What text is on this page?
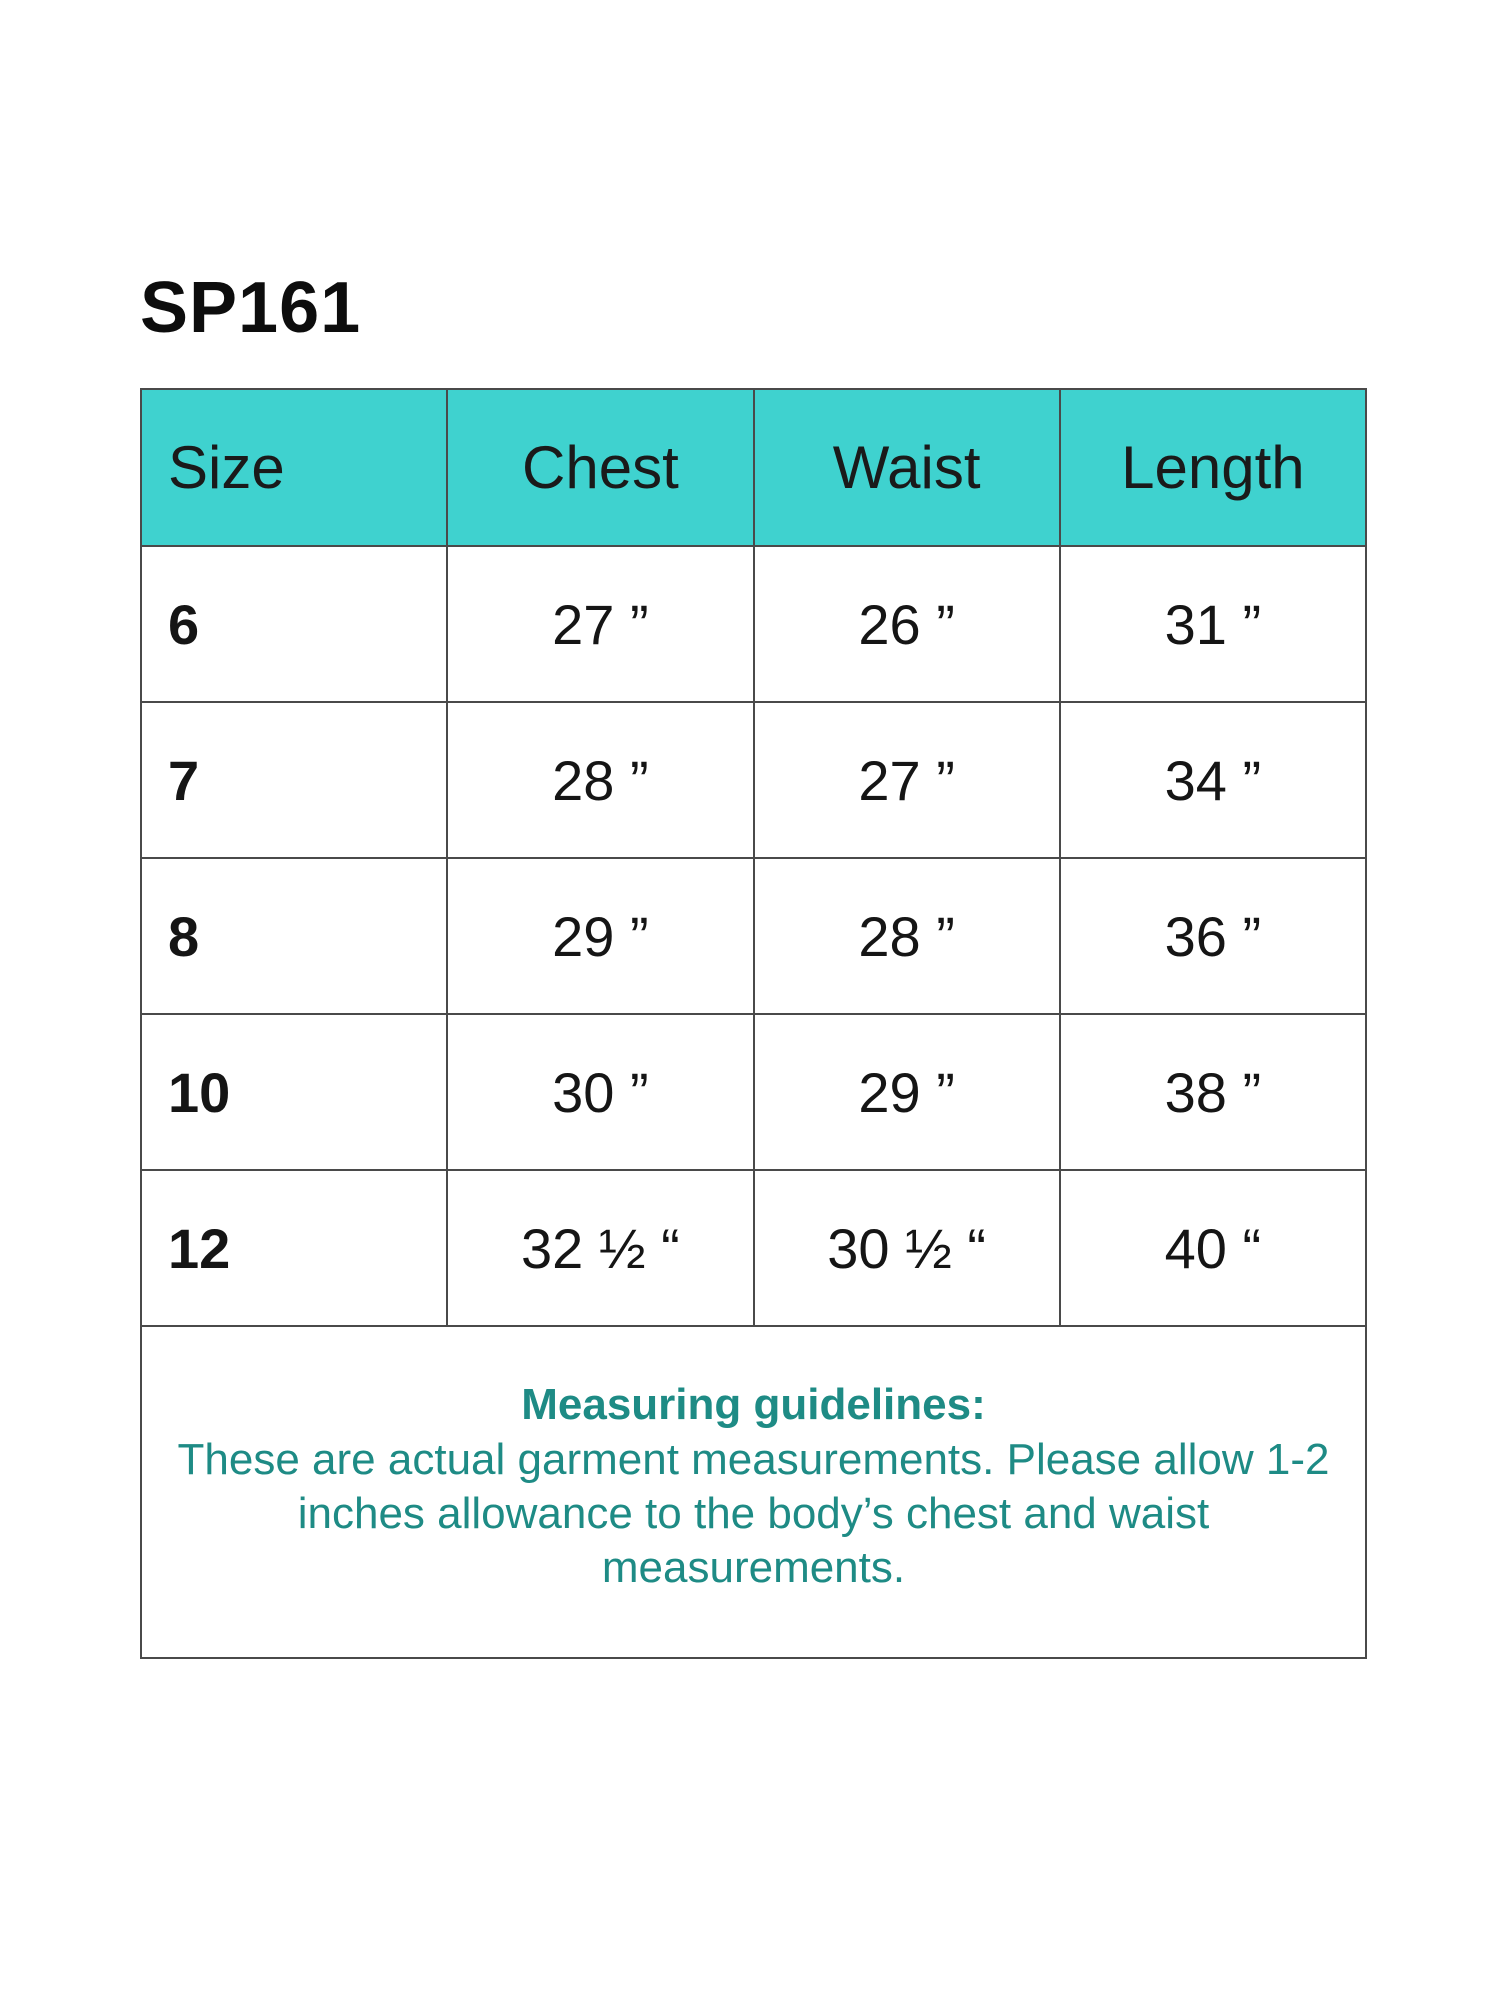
SP161
Size	Chest	Waist	Length
6	27 ”	26 ”	31 ”
7	28 ”	27 ”	34 ”
8	29 ”	28 ”	36 ”
10	30 ”	29 ”	38 ”
12	32 ½ “	30 ½ “	40 “

Measuring guidelines:
These are actual garment measurements. Please allow 1-2 inches allowance to the body’s chest and waist measurements.			
